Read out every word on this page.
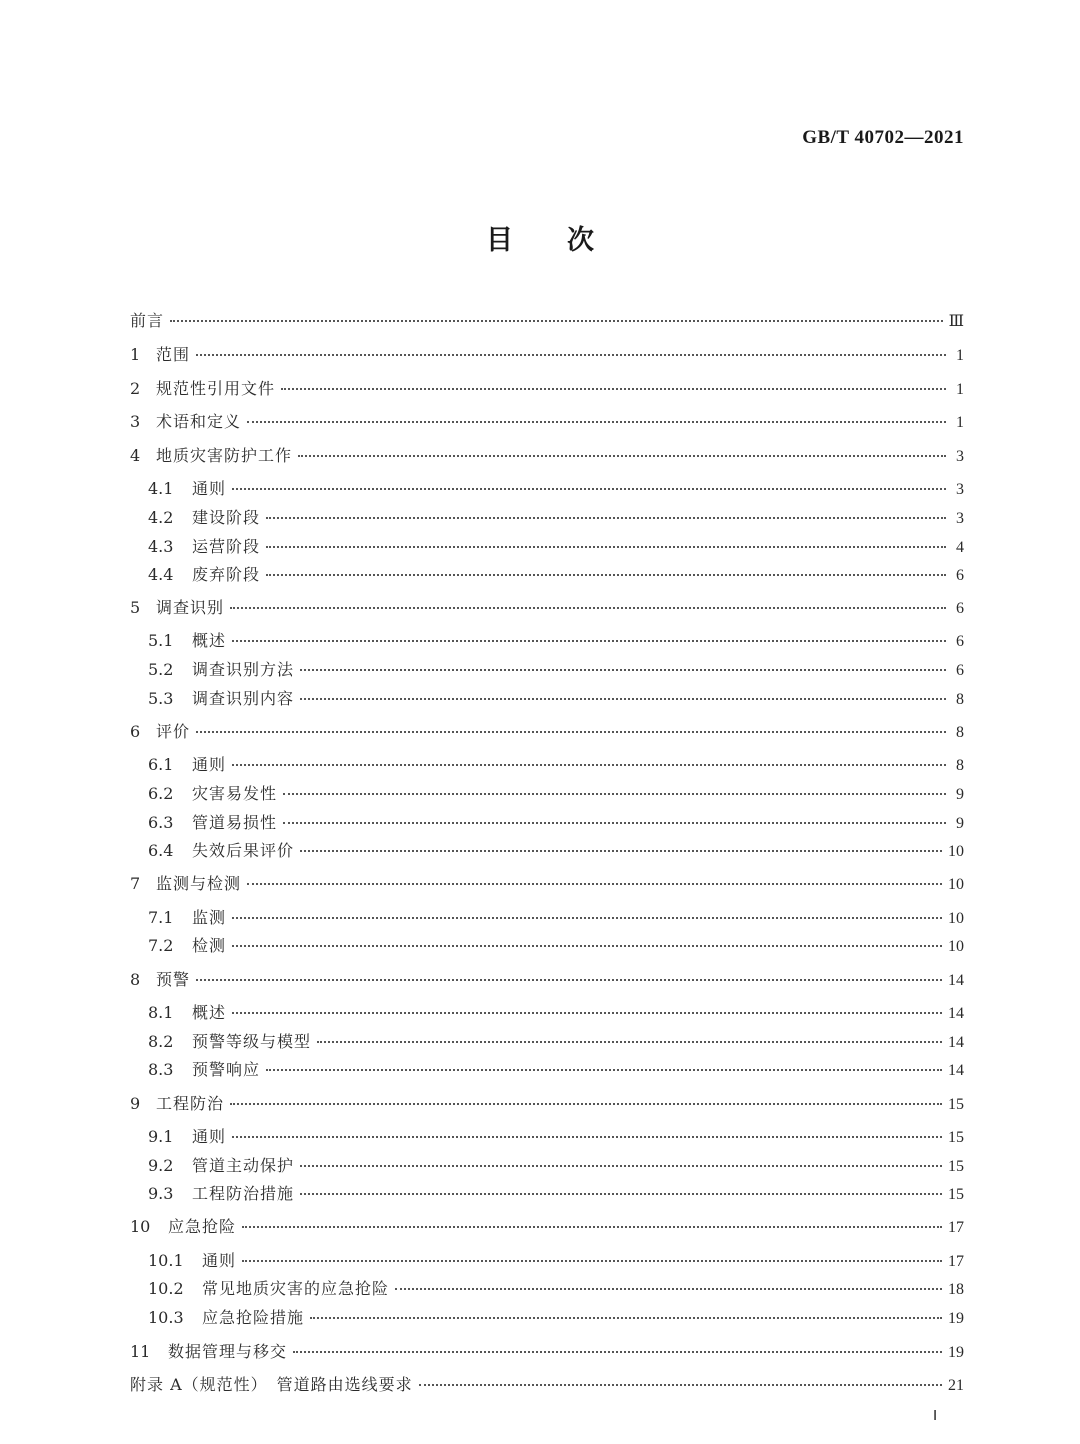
GB/T 40702—2021
目　　次
前言	Ⅲ
1 范围	1
2 规范性引用文件	1
3 术语和定义	1
4 地质灾害防护工作	3
4.1	通则	3
4.2	建设阶段	3
4.3	运营阶段	4
4.4	废弃阶段	6
5 调查识别	6
5.1	概述	6
5.2	调查识别方法	6
5.3	调查识别内容	8
6 评价	8
6.1	通则	8
6.2	灾害易发性	9
6.3	管道易损性	9
6.4	失效后果评价	10
7 监测与检测	10
7.1	监测	10
7.2	检测	10
8 预警	14
8.1	概述	14
8.2	预警等级与模型	14
8.3	预警响应	14
9 工程防治	15
9.1	通则	15
9.2	管道主动保护	15
9.3	工程防治措施	15
10	应急抢险	17
10.1	通则	17
10.2	常见地质灾害的应急抢险	18
10.3	应急抢险措施	19
11	数据管理与移交	19
附录 A（规范性）　管道路由选线要求	21
Ⅰ
